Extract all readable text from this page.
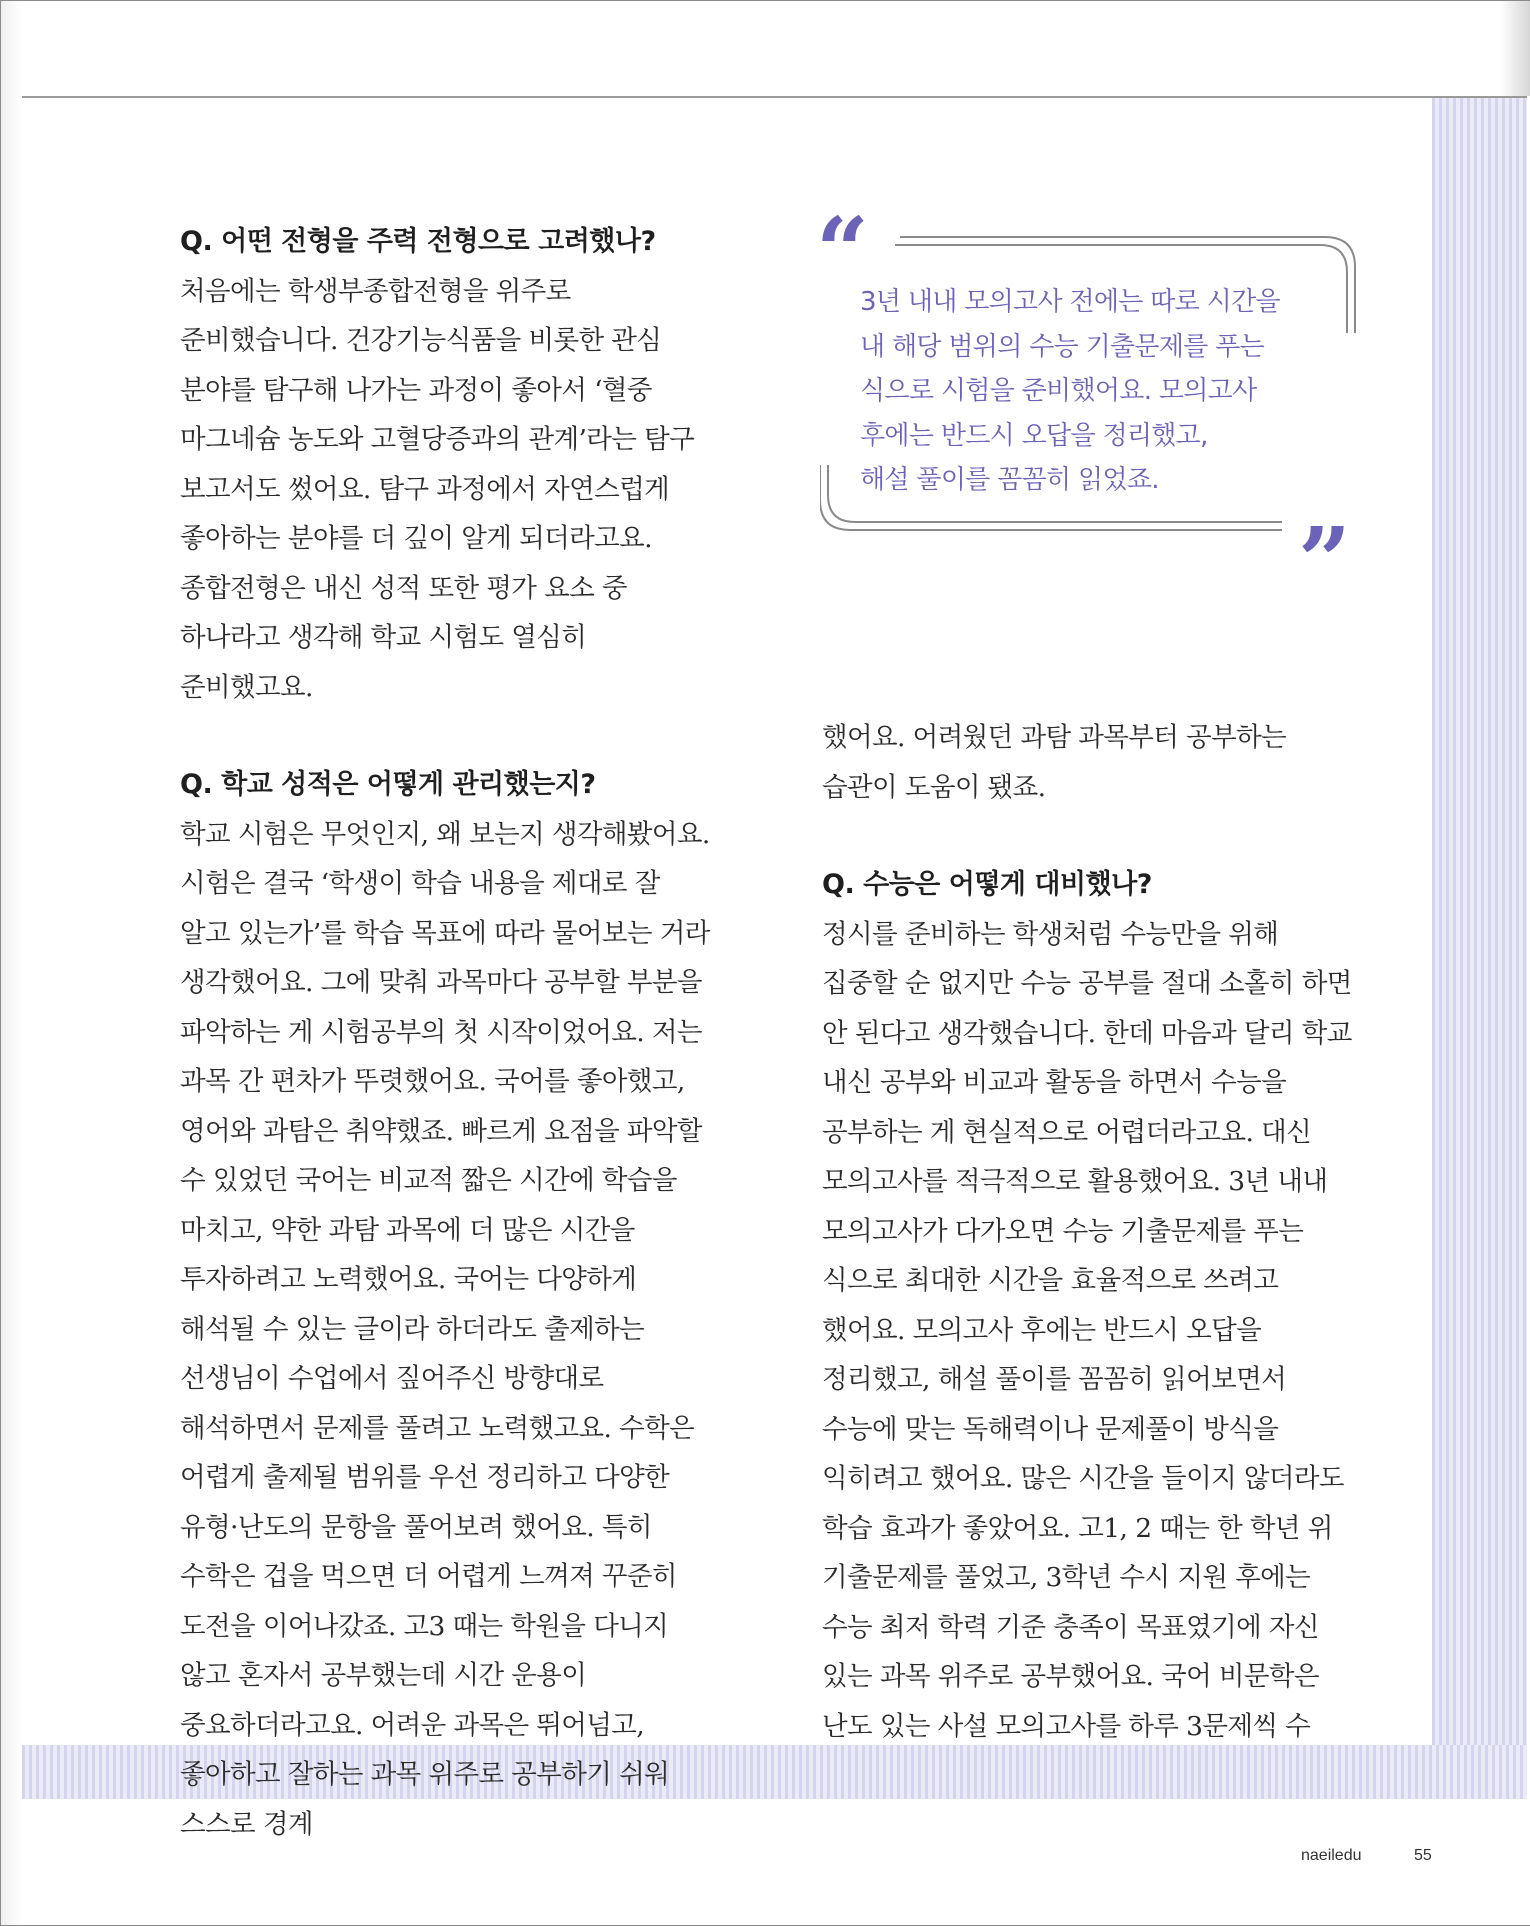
Q. 어떤 전형을 주력 전형으로 고려했나?

처음에는 학생부종합전형을 위주로 준비했습니다. 건강기능식품을 비롯한 관심 분야를 탐구해 나가는 과정이 좋아서 ‘혈중 마그네슘 농도와 고혈당증과의 관계’라는 탐구 보고서도 썼어요. 탐구 과정에서 자연스럽게 좋아하는 분야를 더 깊이 알게 되더라고요. 종합전형은 내신 성적 또한 평가 요소 중 하나라고 생각해 학교 시험도 열심히 준비했고요.

Q. 학교 성적은 어떻게 관리했는지?

학교 시험은 무엇인지, 왜 보는지 생각해봤어요. 시험은 결국 ‘학생이 학습 내용을 제대로 잘 알고 있는가’를 학습 목표에 따라 물어보는 거라 생각했어요. 그에 맞춰 과목마다 공부할 부분을 파악하는 게 시험공부의 첫 시작이었어요. 저는 과목 간 편차가 뚜렷했어요. 국어를 좋아했고, 영어와 과탐은 취약했죠. 빠르게 요점을 파악할 수 있었던 국어는 비교적 짧은 시간에 학습을 마치고, 약한 과탐 과목에 더 많은 시간을 투자하려고 노력했어요. 국어는 다양하게 해석될 수 있는 글이라 하더라도 출제하는 선생님이 수업에서 짚어주신 방향대로 해석하면서 문제를 풀려고 노력했고요. 수학은 어렵게 출제될 범위를 우선 정리하고 다양한 유형·난도의 문항을 풀어보려 했어요. 특히 수학은 겁을 먹으면 더 어렵게 느껴져 꾸준히 도전을 이어나갔죠. 고3 때는 학원을 다니지 않고 혼자서 공부했는데 시간 운용이 중요하더라고요. 어려운 과목은 뛰어넘고, 좋아하고 잘하는 과목 위주로 공부하기 쉬워 스스로 경계

했어요. 어려웠던 과탐 과목부터 공부하는 습관이 도움이 됐죠.

Q. 수능은 어떻게 대비했나?

정시를 준비하는 학생처럼 수능만을 위해 집중할 순 없지만 수능 공부를 절대 소홀히 하면 안 된다고 생각했습니다. 한데 마음과 달리 학교 내신 공부와 비교과 활동을 하면서 수능을 공부하는 게 현실적으로 어렵더라고요. 대신 모의고사를 적극적으로 활용했어요. 3년 내내 모의고사가 다가오면 수능 기출문제를 푸는 식으로 최대한 시간을 효율적으로 쓰려고 했어요. 모의고사 후에는 반드시 오답을 정리했고, 해설 풀이를 꼼꼼히 읽어보면서 수능에 맞는 독해력이나 문제풀이 방식을 익히려고 했어요. 많은 시간을 들이지 않더라도 학습 효과가 좋았어요. 고1, 2 때는 한 학년 위 기출문제를 풀었고, 3학년 수시 지원 후에는 수능 최저 학력 기준 충족이 목표였기에 자신 있는 과목 위주로 공부했어요. 국어 비문학은 난도 있는 사설 모의고사를 하루 3문제씩 수

“
”
3년 내내 모의고사 전에는 따로 시간을
내 해당 범위의 수능 기출문제를 푸는
식으로 시험을 준비했어요. 모의고사
후에는 반드시 오답을 정리했고,
해설 풀이를 꼼꼼히 읽었죠.
naeiledu	55
